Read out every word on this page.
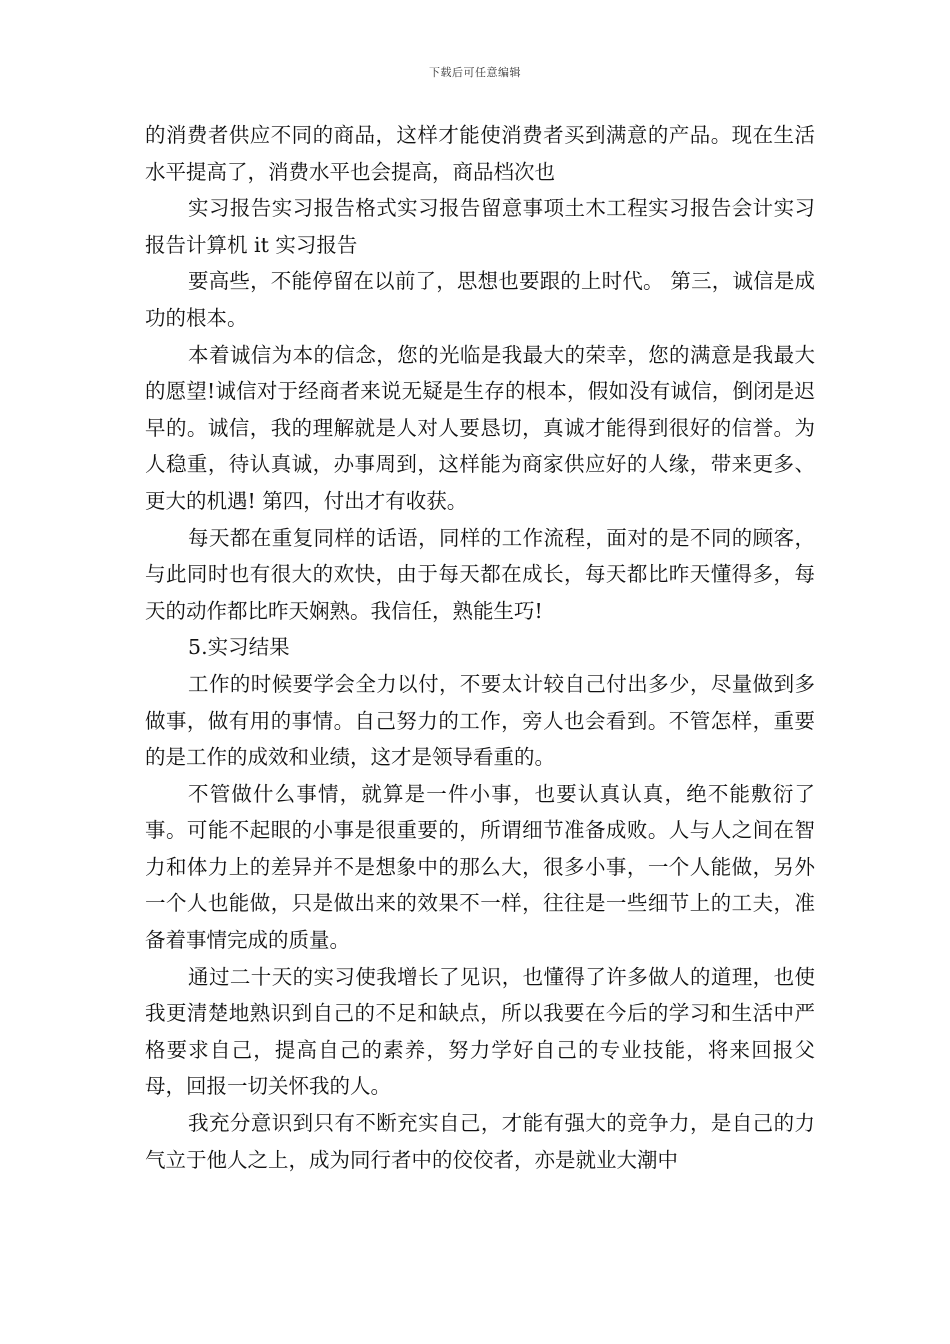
下载后可任意编辑

的消费者供应不同的商品，这样才能使消费者买到满意的产品。现在生活水平提高了，消费水平也会提高，商品档次也

实习报告实习报告格式实习报告留意事项土木工程实习报告会计实习报告计算机 it 实习报告

要高些，不能停留在以前了，思想也要跟的上时代。 第三，诚信是成功的根本。

本着诚信为本的信念，您的光临是我最大的荣幸，您的满意是我最大的愿望!诚信对于经商者来说无疑是生存的根本，假如没有诚信，倒闭是迟早的。诚信，我的理解就是人对人要恳切，真诚才能得到很好的信誉。为人稳重，待认真诚，办事周到，这样能为商家供应好的人缘，带来更多、更大的机遇! 第四，付出才有收获。

每天都在重复同样的话语，同样的工作流程，面对的是不同的顾客，与此同时也有很大的欢快，由于每天都在成长，每天都比昨天懂得多，每天的动作都比昨天娴熟。我信任，熟能生巧!

5.实习结果

工作的时候要学会全力以付，不要太计较自己付出多少，尽量做到多做事，做有用的事情。自己努力的工作，旁人也会看到。不管怎样，重要的是工作的成效和业绩，这才是领导看重的。

不管做什么事情，就算是一件小事，也要认真认真，绝不能敷衍了事。可能不起眼的小事是很重要的，所谓细节准备成败。人与人之间在智力和体力上的差异并不是想象中的那么大，很多小事，一个人能做，另外一个人也能做，只是做出来的效果不一样，往往是一些细节上的工夫，准备着事情完成的质量。

通过二十天的实习使我增长了见识，也懂得了许多做人的道理，也使我更清楚地熟识到自己的不足和缺点，所以我要在今后的学习和生活中严格要求自己，提高自己的素养，努力学好自己的专业技能，将来回报父母，回报一切关怀我的人。

我充分意识到只有不断充实自己，才能有强大的竞争力，是自己的力气立于他人之上，成为同行者中的佼佼者，亦是就业大潮中
